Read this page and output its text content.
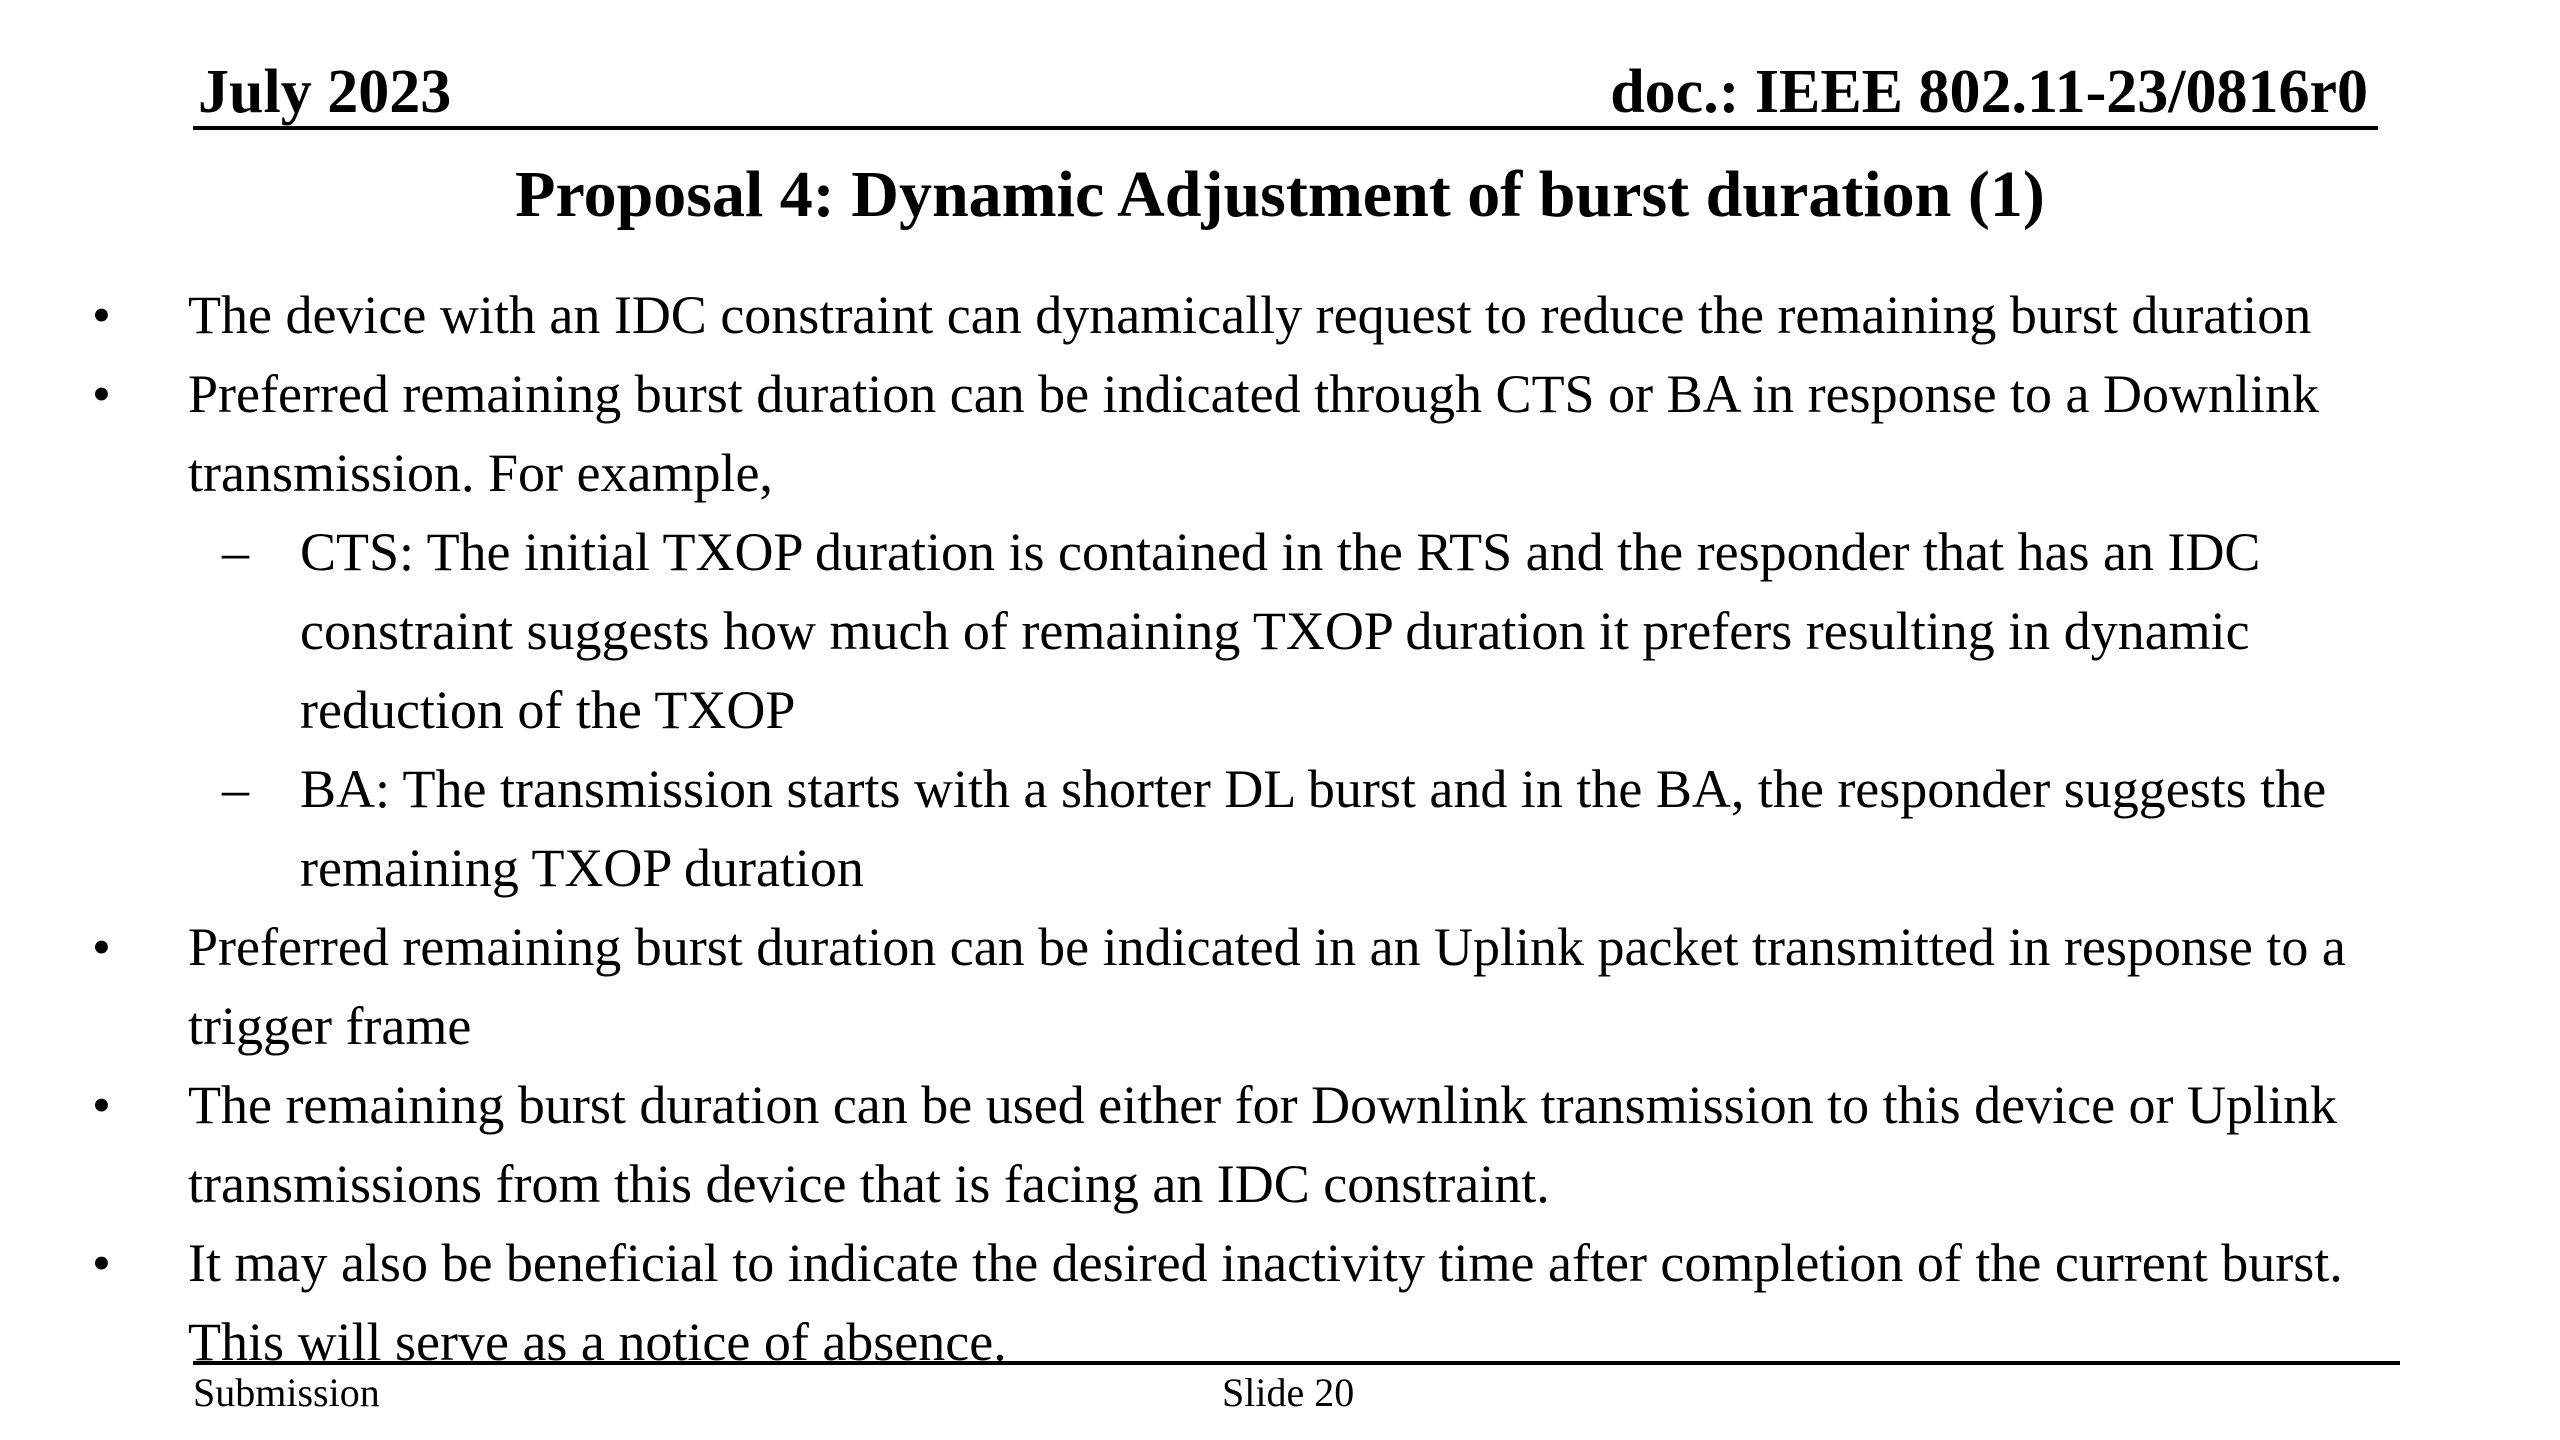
July 2023	doc.: IEEE 802.11-23/0816r0
Proposal 4: Dynamic Adjustment of burst duration (1)
• The device with an IDC constraint can dynamically request to reduce the remaining burst duration
• Preferred remaining burst duration can be indicated through CTS or BA in response to a Downlink
transmission. For example,
– CTS: The initial TXOP duration is contained in the RTS and the responder that has an IDC
constraint suggests how much of remaining TXOP duration it prefers resulting in dynamic
reduction of the TXOP
– BA: The transmission starts with a shorter DL burst and in the BA, the responder suggests the
remaining TXOP duration
• Preferred remaining burst duration can be indicated in an Uplink packet transmitted in response to a
trigger frame
• The remaining burst duration can be used either for Downlink transmission to this device or Uplink
transmissions from this device that is facing an IDC constraint.
• It may also be beneficial to indicate the desired inactivity time after completion of the current burst.
This will serve as a notice of absence.
Submission	Slide 20
